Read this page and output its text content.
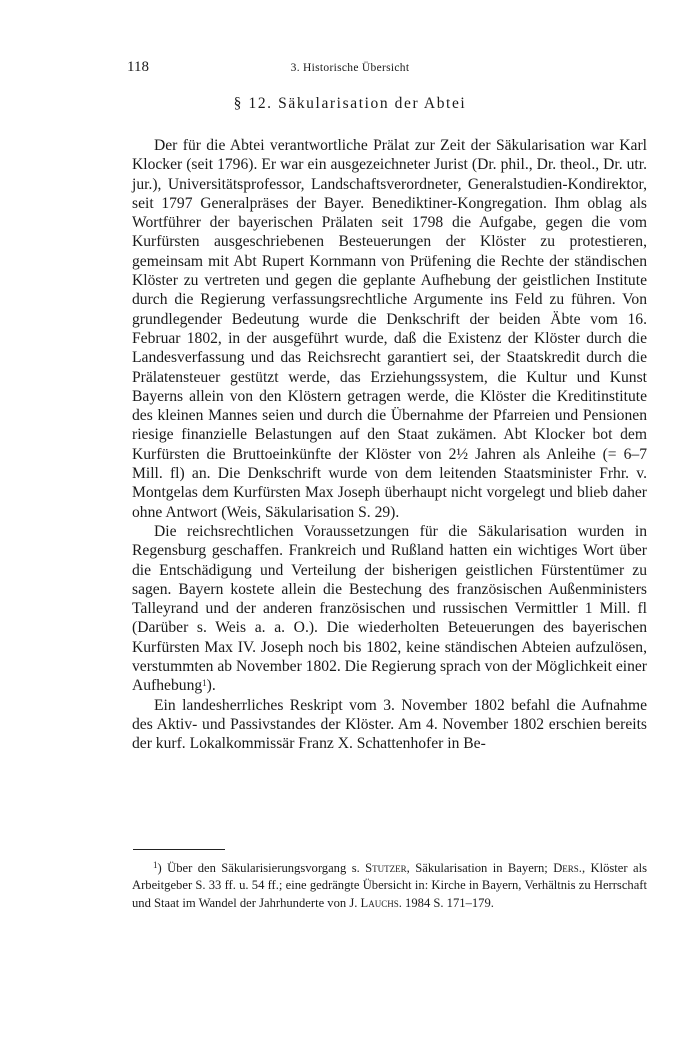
118	3. Historische Übersicht
§ 12. Säkularisation der Abtei

Der für die Abtei verantwortliche Prälat zur Zeit der Säkularisation war Karl Klocker (seit 1796). Er war ein ausgezeichneter Jurist (Dr. phil., Dr. theol., Dr. utr. jur.), Universitätsprofessor, Landschaftsverordneter, Generalstudien-Kondirektor, seit 1797 Generalpräses der Bayer. Benediktiner-Kongregation. Ihm oblag als Wortführer der bayerischen Prälaten seit 1798 die Aufgabe, gegen die vom Kurfürsten ausgeschriebenen Besteuerungen der Klöster zu protestieren, gemeinsam mit Abt Rupert Kornmann von Prüfening die Rechte der ständischen Klöster zu vertreten und gegen die geplante Aufhebung der geistlichen Institute durch die Regierung verfassungsrechtliche Argumente ins Feld zu führen. Von grundlegender Bedeutung wurde die Denkschrift der beiden Äbte vom 16. Februar 1802, in der ausgeführt wurde, daß die Existenz der Klöster durch die Landesverfassung und das Reichsrecht garantiert sei, der Staatskredit durch die Prälatensteuer gestützt werde, das Erziehungssystem, die Kultur und Kunst Bayerns allein von den Klöstern getragen werde, die Klöster die Kreditinstitute des kleinen Mannes seien und durch die Übernahme der Pfarreien und Pensionen riesige finanzielle Belastungen auf den Staat zukämen. Abt Klocker bot dem Kurfürsten die Bruttoeinkünfte der Klöster von 2½ Jahren als Anleihe (= 6–7 Mill. fl) an. Die Denkschrift wurde von dem leitenden Staatsminister Frhr. v. Montgelas dem Kurfürsten Max Joseph überhaupt nicht vorgelegt und blieb daher ohne Antwort (Weis, Säkularisation S. 29).

Die reichsrechtlichen Voraussetzungen für die Säkularisation wurden in Regensburg geschaffen. Frankreich und Rußland hatten ein wichtiges Wort über die Entschädigung und Verteilung der bisherigen geistlichen Fürstentümer zu sagen. Bayern kostete allein die Bestechung des französischen Außenministers Talleyrand und der anderen französischen und russischen Vermittler 1 Mill. fl (Darüber s. Weis a. a. O.). Die wiederholten Beteuerungen des bayerischen Kurfürsten Max IV. Joseph noch bis 1802, keine ständischen Abteien aufzulösen, verstummten ab November 1802. Die Regierung sprach von der Möglichkeit einer Aufhebung$^1$).

Ein landesherrliches Reskript vom 3. November 1802 befahl die Aufnahme des Aktiv- und Passivstandes der Klöster. Am 4. November 1802 erschien bereits der kurf. Lokalkommissär Franz X. Schattenhofer in Be-

$^1$) Über den Säkularisierungsvorgang s. Stutzer, Säkularisation in Bayern; Ders., Klöster als Arbeitgeber S. 33 ff. u. 54 ff.; eine gedrängte Übersicht in: Kirche in Bayern, Verhältnis zu Herrschaft und Staat im Wandel der Jahrhunderte von J. Lauchs. 1984 S. 171–179.
